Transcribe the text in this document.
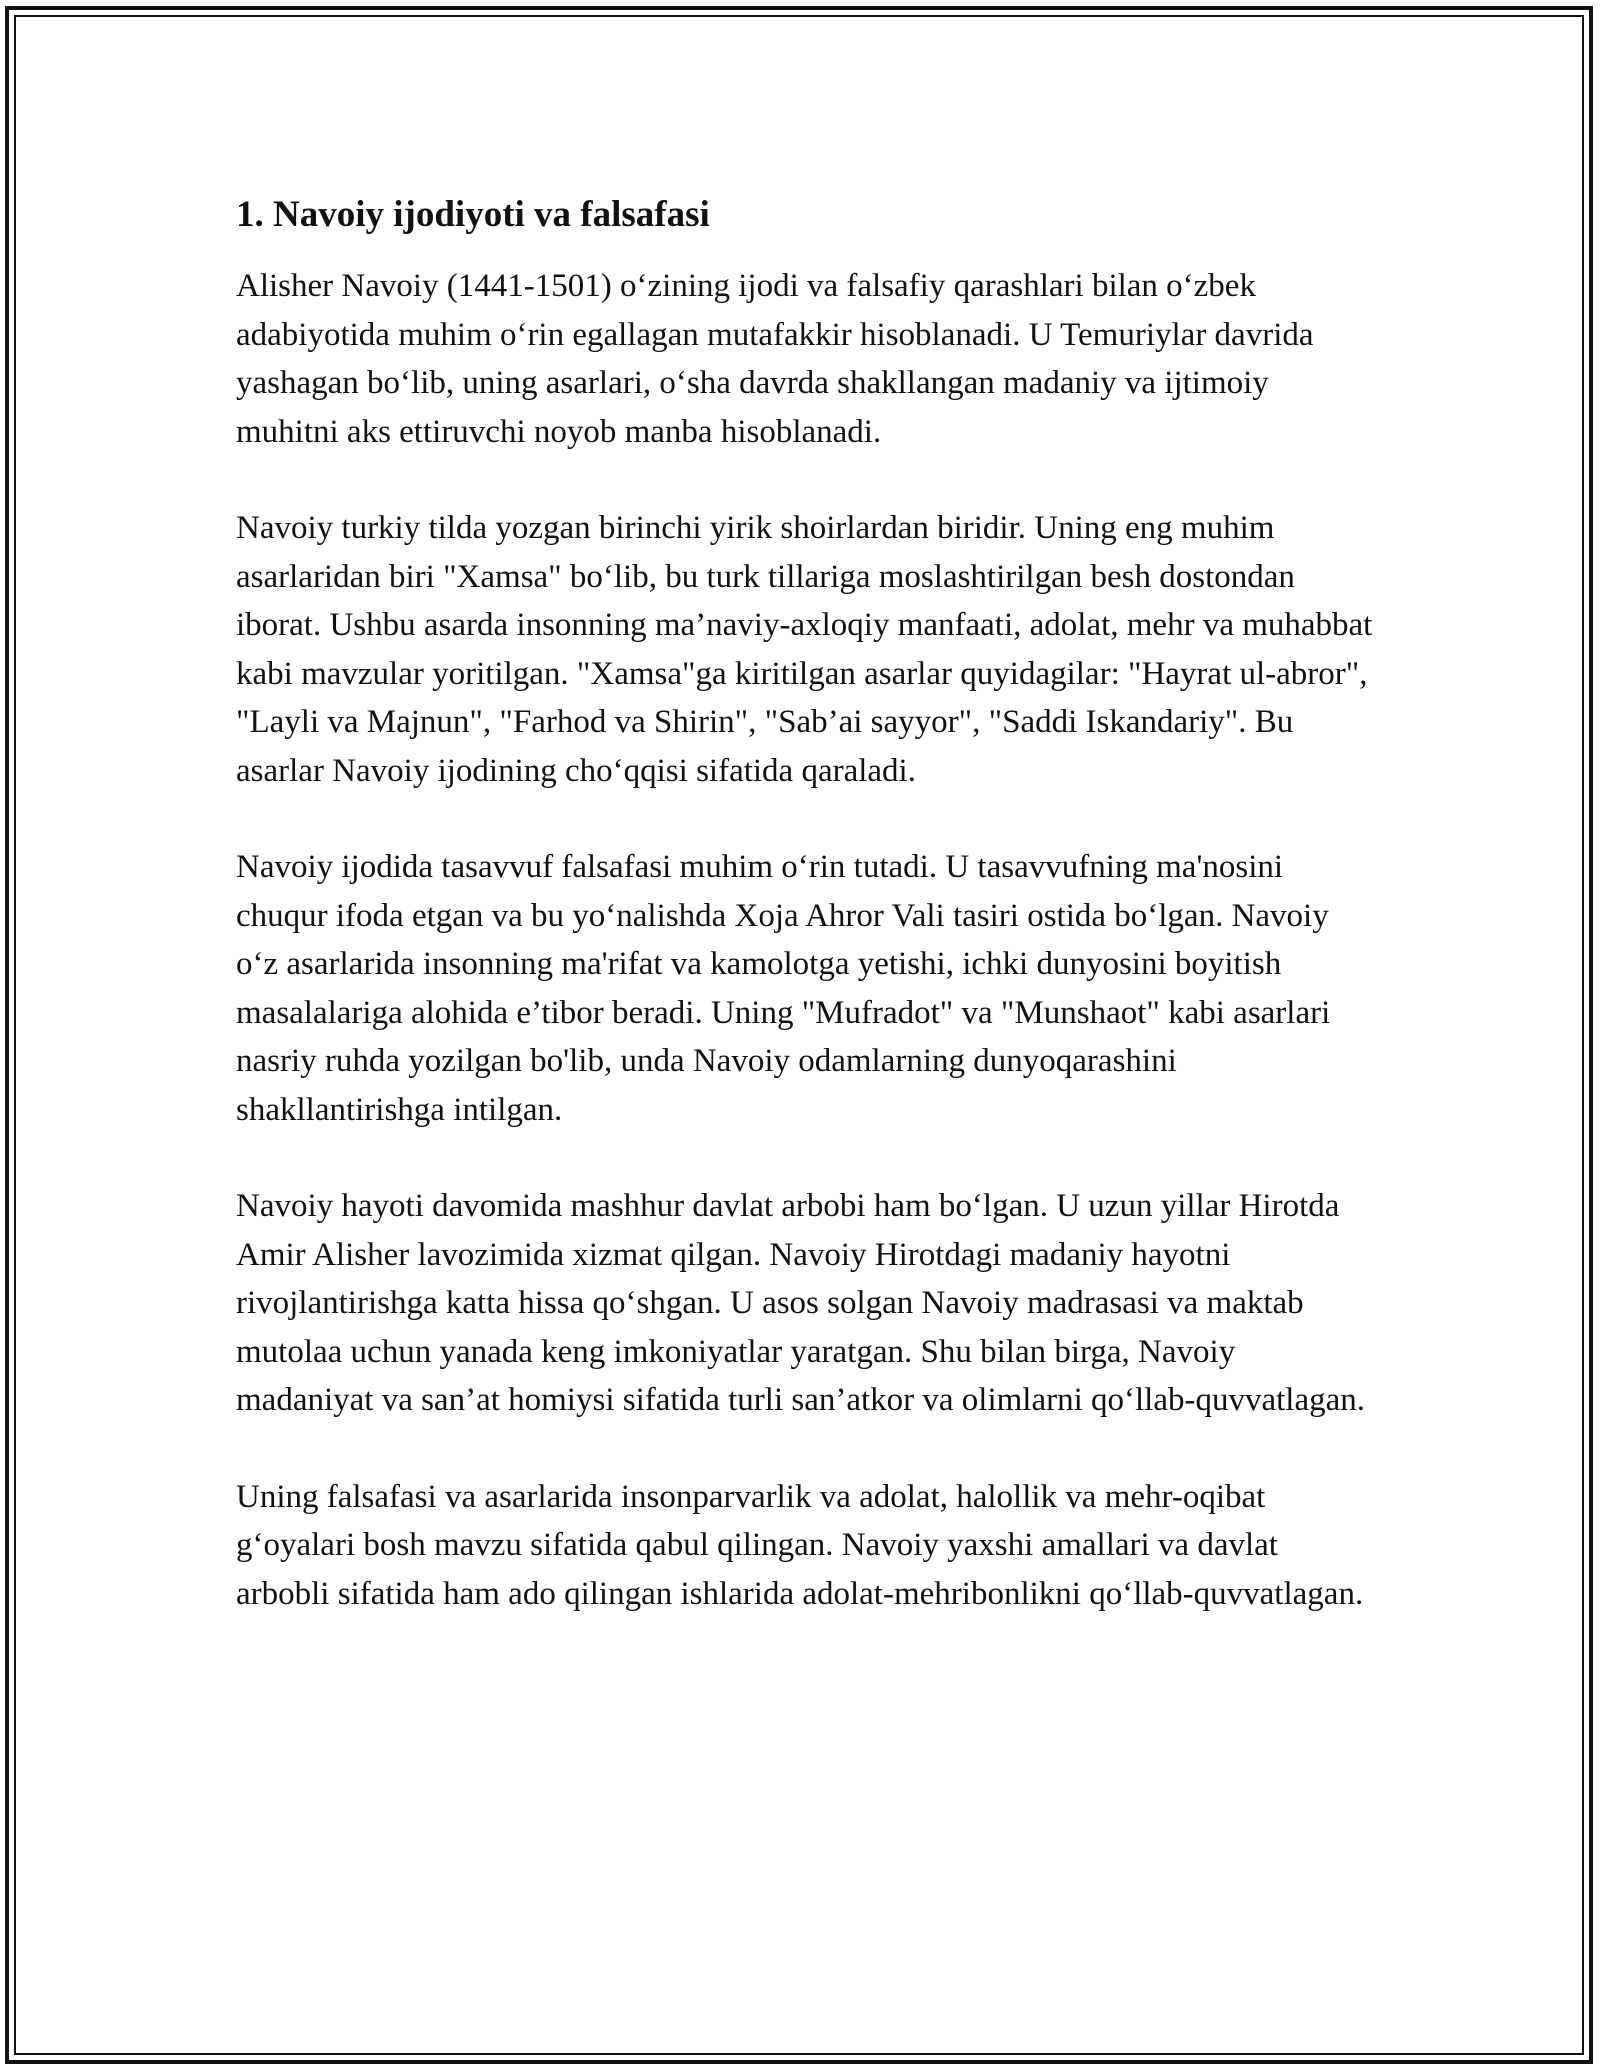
1. Navoiy ijodiyoti va falsafasi

Alisher Navoiy (1441-1501) o‘zining ijodi va falsafiy qarashlari bilan o‘zbek adabiyotida muhim o‘rin egallagan mutafakkir hisoblanadi. U Temuriylar davrida yashagan bo‘lib, uning asarlari, o‘sha davrda shakllangan madaniy va ijtimoiy muhitni aks ettiruvchi noyob manba hisoblanadi.

Navoiy turkiy tilda yozgan birinchi yirik shoirlardan biridir. Uning eng muhim asarlaridan biri "Xamsa" bo‘lib, bu turk tillariga moslashtirilgan besh dostondan iborat. Ushbu asarda insonning ma’naviy-axloqiy manfaati, adolat, mehr va muhabbat kabi mavzular yoritilgan. "Xamsa"ga kiritilgan asarlar quyidagilar: "Hayrat ul-abror", "Layli va Majnun", "Farhod va Shirin", "Sab’ai sayyor", "Saddi Iskandariy". Bu asarlar Navoiy ijodining cho‘qqisi sifatida qaraladi.

Navoiy ijodida tasavvuf falsafasi muhim o‘rin tutadi. U tasavvufning ma'nosini chuqur ifoda etgan va bu yo‘nalishda Xoja Ahror Vali tasiri ostida bo‘lgan. Navoiy o‘z asarlarida insonning ma'rifat va kamolotga yetishi, ichki dunyosini boyitish masalalariga alohida e’tibor beradi. Uning "Mufradot" va "Munshaot" kabi asarlari nasriy ruhda yozilgan bo'lib, unda Navoiy odamlarning dunyoqarashini shakllantirishga intilgan.

Navoiy hayoti davomida mashhur davlat arbobi ham bo‘lgan. U uzun yillar Hirotda Amir Alisher lavozimida xizmat qilgan. Navoiy Hirotdagi madaniy hayotni rivojlantirishga katta hissa qo‘shgan. U asos solgan Navoiy madrasasi va maktab mutolaa uchun yanada keng imkoniyatlar yaratgan. Shu bilan birga, Navoiy madaniyat va san’at homiysi sifatida turli san’atkor va olimlarni qo‘llab-quvvatlagan.

Uning falsafasi va asarlarida insonparvarlik va adolat, halollik va mehr-oqibat g‘oyalari bosh mavzu sifatida qabul qilingan. Navoiy yaxshi amallari va davlat arbobli sifatida ham ado qilingan ishlarida adolat-mehribonlikni qo‘llab-quvvatlagan.
